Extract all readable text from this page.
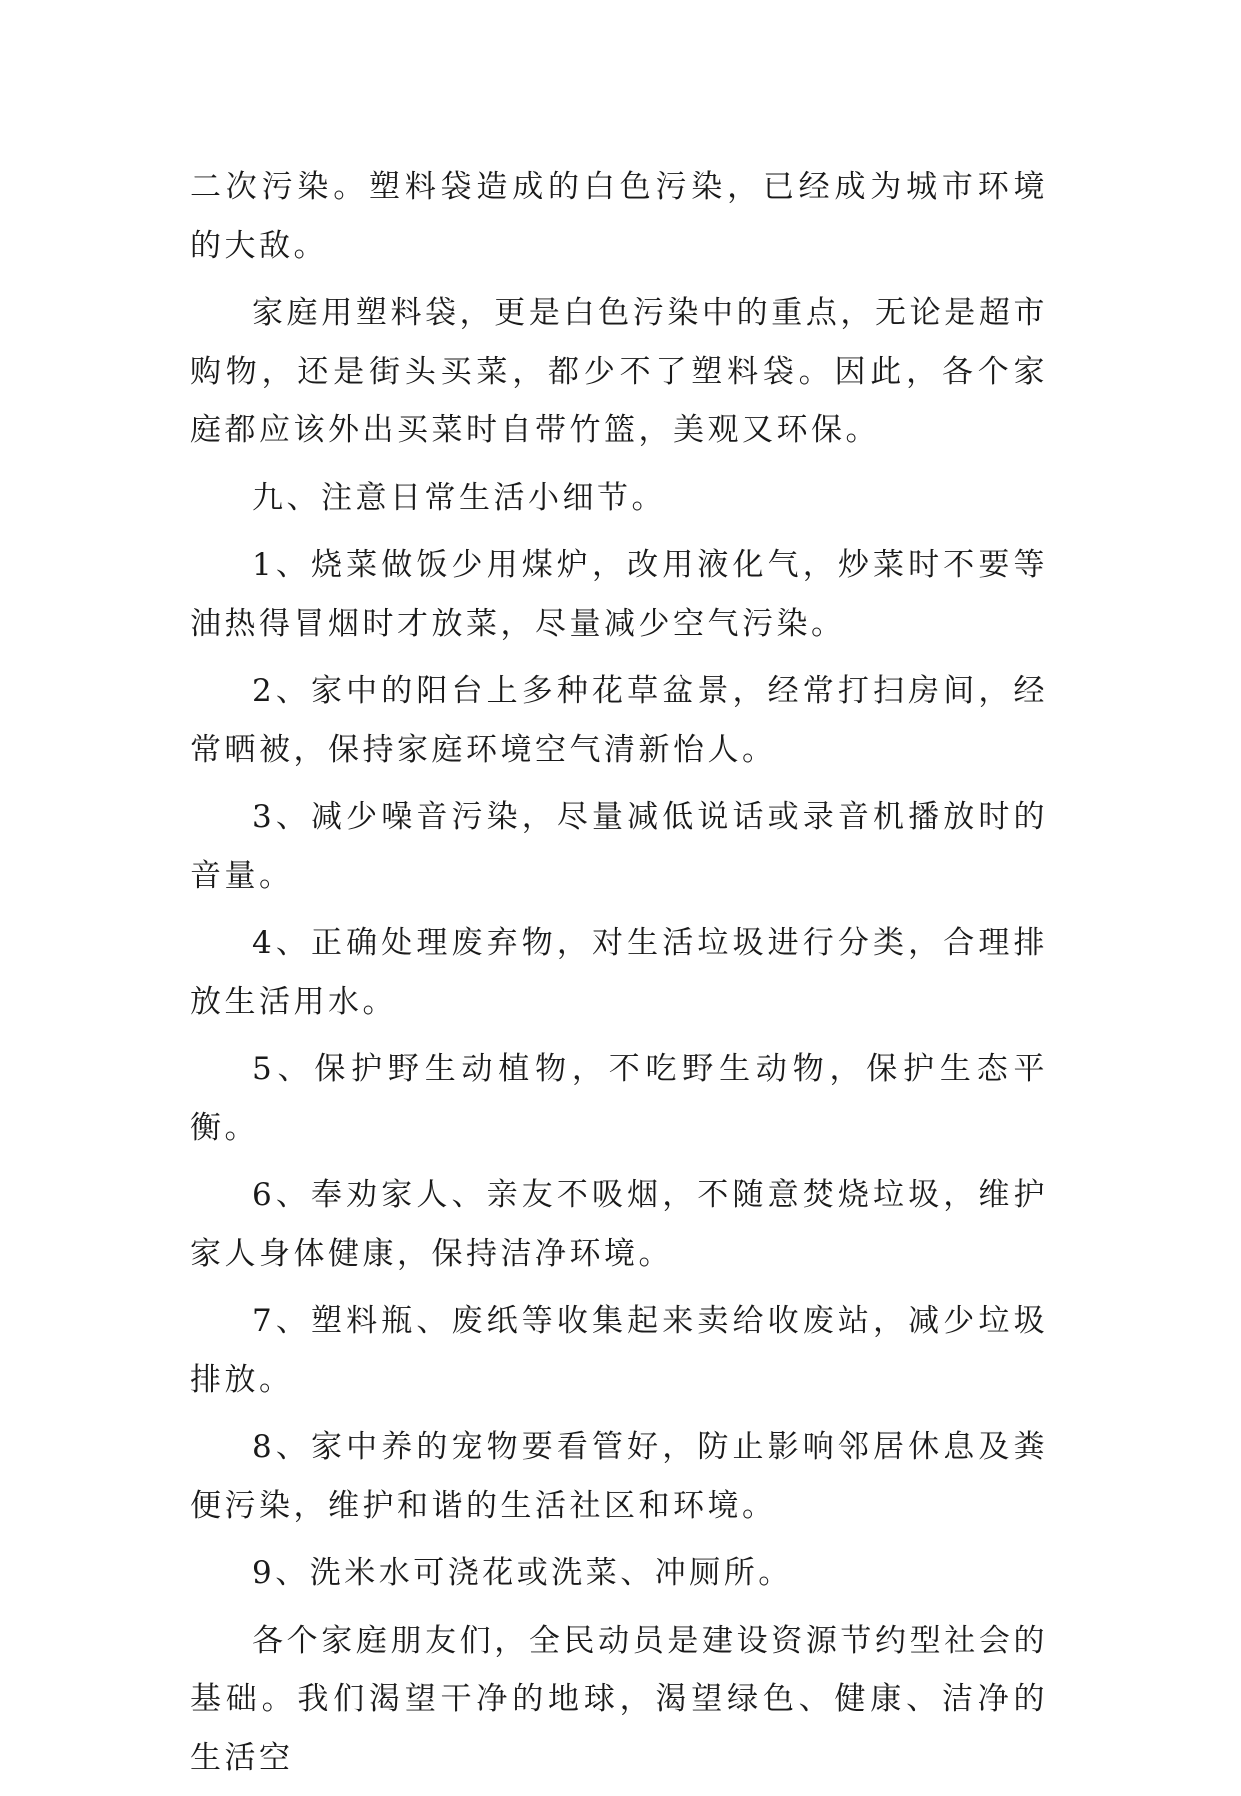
二次污染。塑料袋造成的白色污染，已经成为城市环境的大敌。

家庭用塑料袋，更是白色污染中的重点，无论是超市购物，还是街头买菜，都少不了塑料袋。因此，各个家庭都应该外出买菜时自带竹篮，美观又环保。

九、注意日常生活小细节。

1、烧菜做饭少用煤炉，改用液化气，炒菜时不要等油热得冒烟时才放菜，尽量减少空气污染。

2、家中的阳台上多种花草盆景，经常打扫房间，经常晒被，保持家庭环境空气清新怡人。

3、减少噪音污染，尽量减低说话或录音机播放时的音量。

4、正确处理废弃物，对生活垃圾进行分类，合理排放生活用水。

5、保护野生动植物，不吃野生动物，保护生态平衡。

6、奉劝家人、亲友不吸烟，不随意焚烧垃圾，维护家人身体健康，保持洁净环境。

7、塑料瓶、废纸等收集起来卖给收废站，减少垃圾排放。

8、家中养的宠物要看管好，防止影响邻居休息及粪便污染，维护和谐的生活社区和环境。

9、洗米水可浇花或洗菜、冲厕所。

各个家庭朋友们，全民动员是建设资源节约型社会的基础。我们渴望干净的地球，渴望绿色、健康、洁净的生活空
